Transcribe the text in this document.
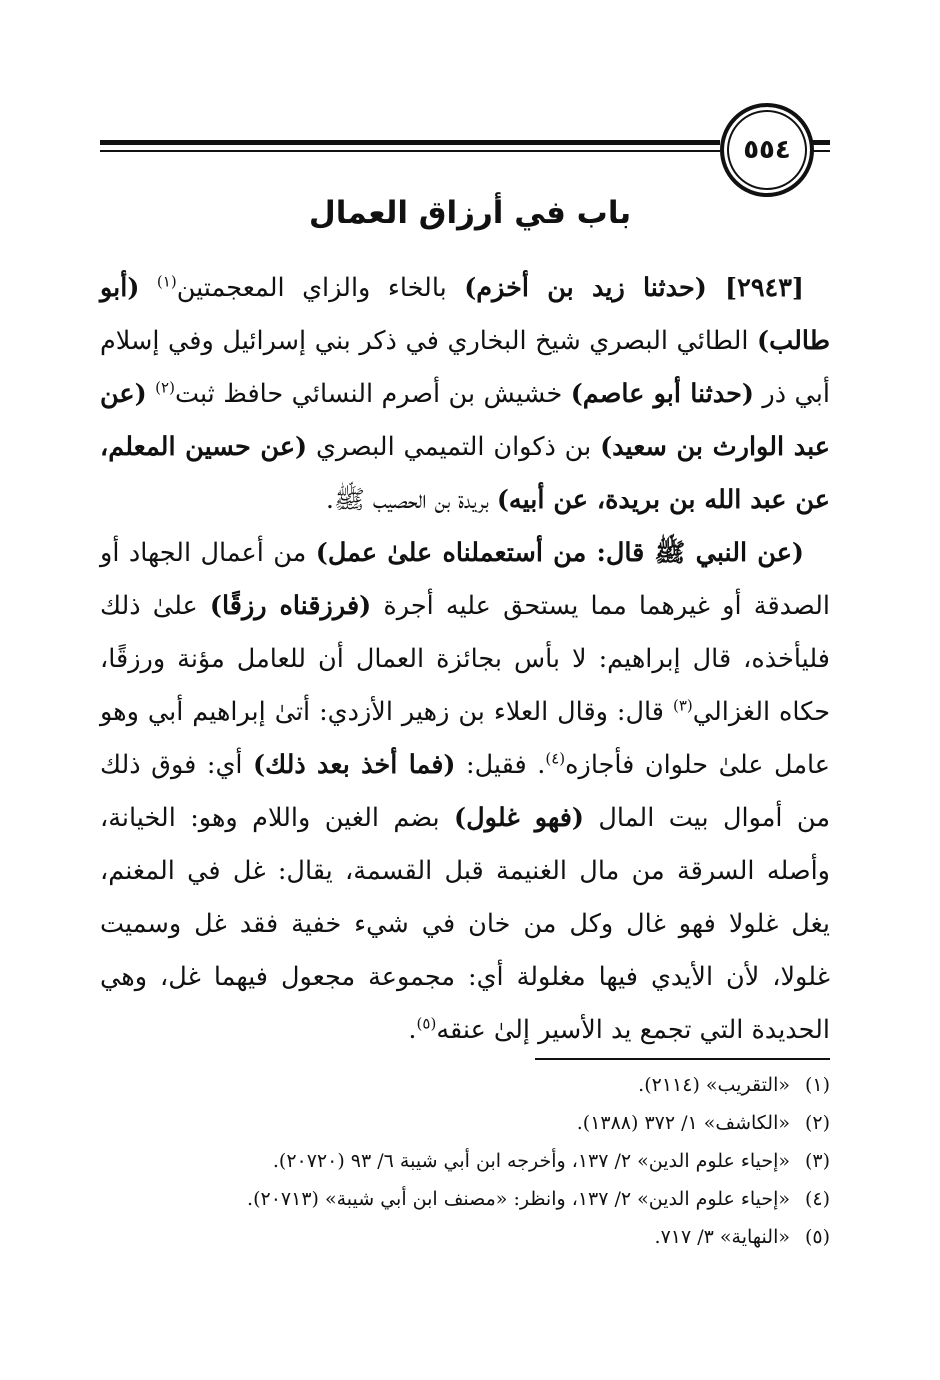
٥٥٤
باب في أرزاق العمال

[٢٩٤٣] (حدثنا زيد بن أخزم) بالخاء والزاي المعجمتين$^{(١)}$ (أبو طالب) الطائي البصري شيخ البخاري في ذكر بني إسرائيل وفي إسلام أبي ذر (حدثنا أبو عاصم) خشيش بن أصرم النسائي حافظ ثبت$^{(٢)}$ (عن عبد الوارث بن سعيد) بن ذكوان التميمي البصري (عن حسين المعلم، عن عبد الله بن بريدة، عن أبيه) بريدة بن الحصيب ﷺ.

(عن النبي ﷺ قال: من أستعملناه علىٰ عمل) من أعمال الجهاد أو الصدقة أو غيرهما مما يستحق عليه أجرة (فرزقناه رزقًا) علىٰ ذلك فليأخذه، قال إبراهيم: لا بأس بجائزة العمال أن للعامل مؤنة ورزقًا، حكاه الغزالي$^{(٣)}$ قال: وقال العلاء بن زهير الأزدي: أتىٰ إبراهيم أبي وهو عامل علىٰ حلوان فأجازه$^{(٤)}$. فقيل: (فما أخذ بعد ذلك) أي: فوق ذلك من أموال بيت المال (فهو غلول) بضم الغين واللام وهو: الخيانة، وأصله السرقة من مال الغنيمة قبل القسمة، يقال: غل في المغنم، يغل غلولا فهو غال وكل من خان في شيء خفية فقد غل وسميت غلولا، لأن الأيدي فيها مغلولة أي: مجموعة مجعول فيهما غل، وهي الحديدة التي تجمع يد الأسير إلىٰ عنقه$^{(٥)}$.

(١)«التقريب» (٢١١٤).
(٢)«الكاشف» ١/ ٣٧٢ (١٣٨٨).
(٣)«إحياء علوم الدين» ٢/ ١٣٧، وأخرجه ابن أبي شيبة ٦/ ٩٣ (٢٠٧٢٠).
(٤)«إحياء علوم الدين» ٢/ ١٣٧، وانظر: «مصنف ابن أبي شيبة» (٢٠٧١٣).
(٥)«النهاية» ٣/ ٧١٧.
